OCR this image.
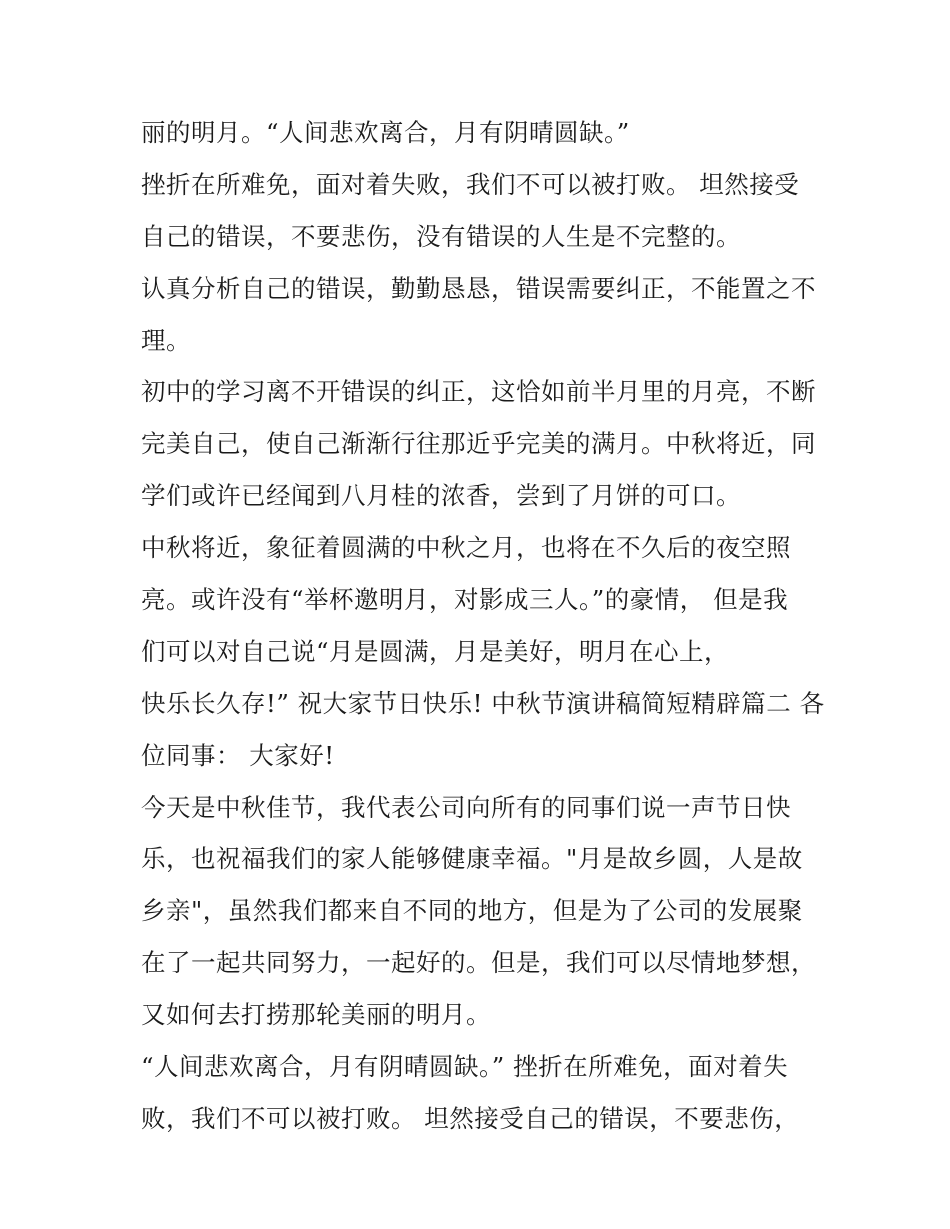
丽的明月。“人间悲欢离合，月有阴晴圆缺。”
挫折在所难免，面对着失败，我们不可以被打败。 坦然接受
自己的错误，不要悲伤，没有错误的人生是不完整的。
认真分析自己的错误，勤勤恳恳，错误需要纠正，不能置之不
理。
初中的学习离不开错误的纠正，这恰如前半月里的月亮，不断
完美自己，使自己渐渐行往那近乎完美的满月。中秋将近，同
学们或许已经闻到八月桂的浓香，尝到了月饼的可口。
中秋将近，象征着圆满的中秋之月，也将在不久后的夜空照
亮。或许没有“举杯邀明月，对影成三人。”的豪情， 但是我
们可以对自己说“月是圆满，月是美好，明月在心上，
快乐长久存!” 祝大家节日快乐! 中秋节演讲稿简短精辟篇二 各
位同事： 大家好!
今天是中秋佳节，我代表公司向所有的同事们说一声节日快
乐，也祝福我们的家人能够健康幸福。"月是故乡圆，人是故
乡亲"，虽然我们都来自不同的地方，但是为了公司的发展聚
在了一起共同努力，一起好的。但是，我们可以尽情地梦想，
又如何去打捞那轮美丽的明月。
“人间悲欢离合，月有阴晴圆缺。” 挫折在所难免，面对着失
败，我们不可以被打败。 坦然接受自己的错误，不要悲伤，
